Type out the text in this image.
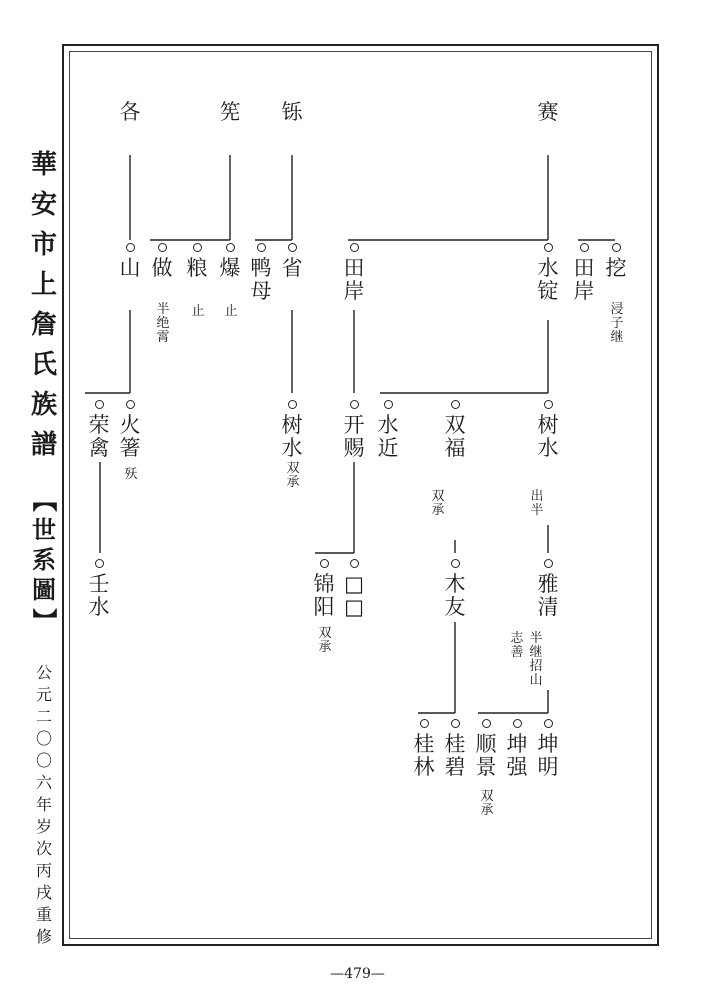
華
安
市
上
詹
氏
族
譜
【
世
系
圖
】
公
元
二
〇
〇
六
年
岁
次
丙
戌
重
修
各	筅 铄	赛
山 做
半
绝
霄
粮
止
爆
止
鸭
母
省 田
岸
水
锭
田
岸
挖
浸
子
继
荣
禽
火
箸
殀
树
水
双
承
开
赐
水
近
双
福
双
承
树
水
出
半
壬
水
锦
阳
双
承
□
□
木
友
雅
清
半
继
招
山
志
善
桂
林
桂
碧
顺
景
双
承
坤
强
坤
明
—479—
